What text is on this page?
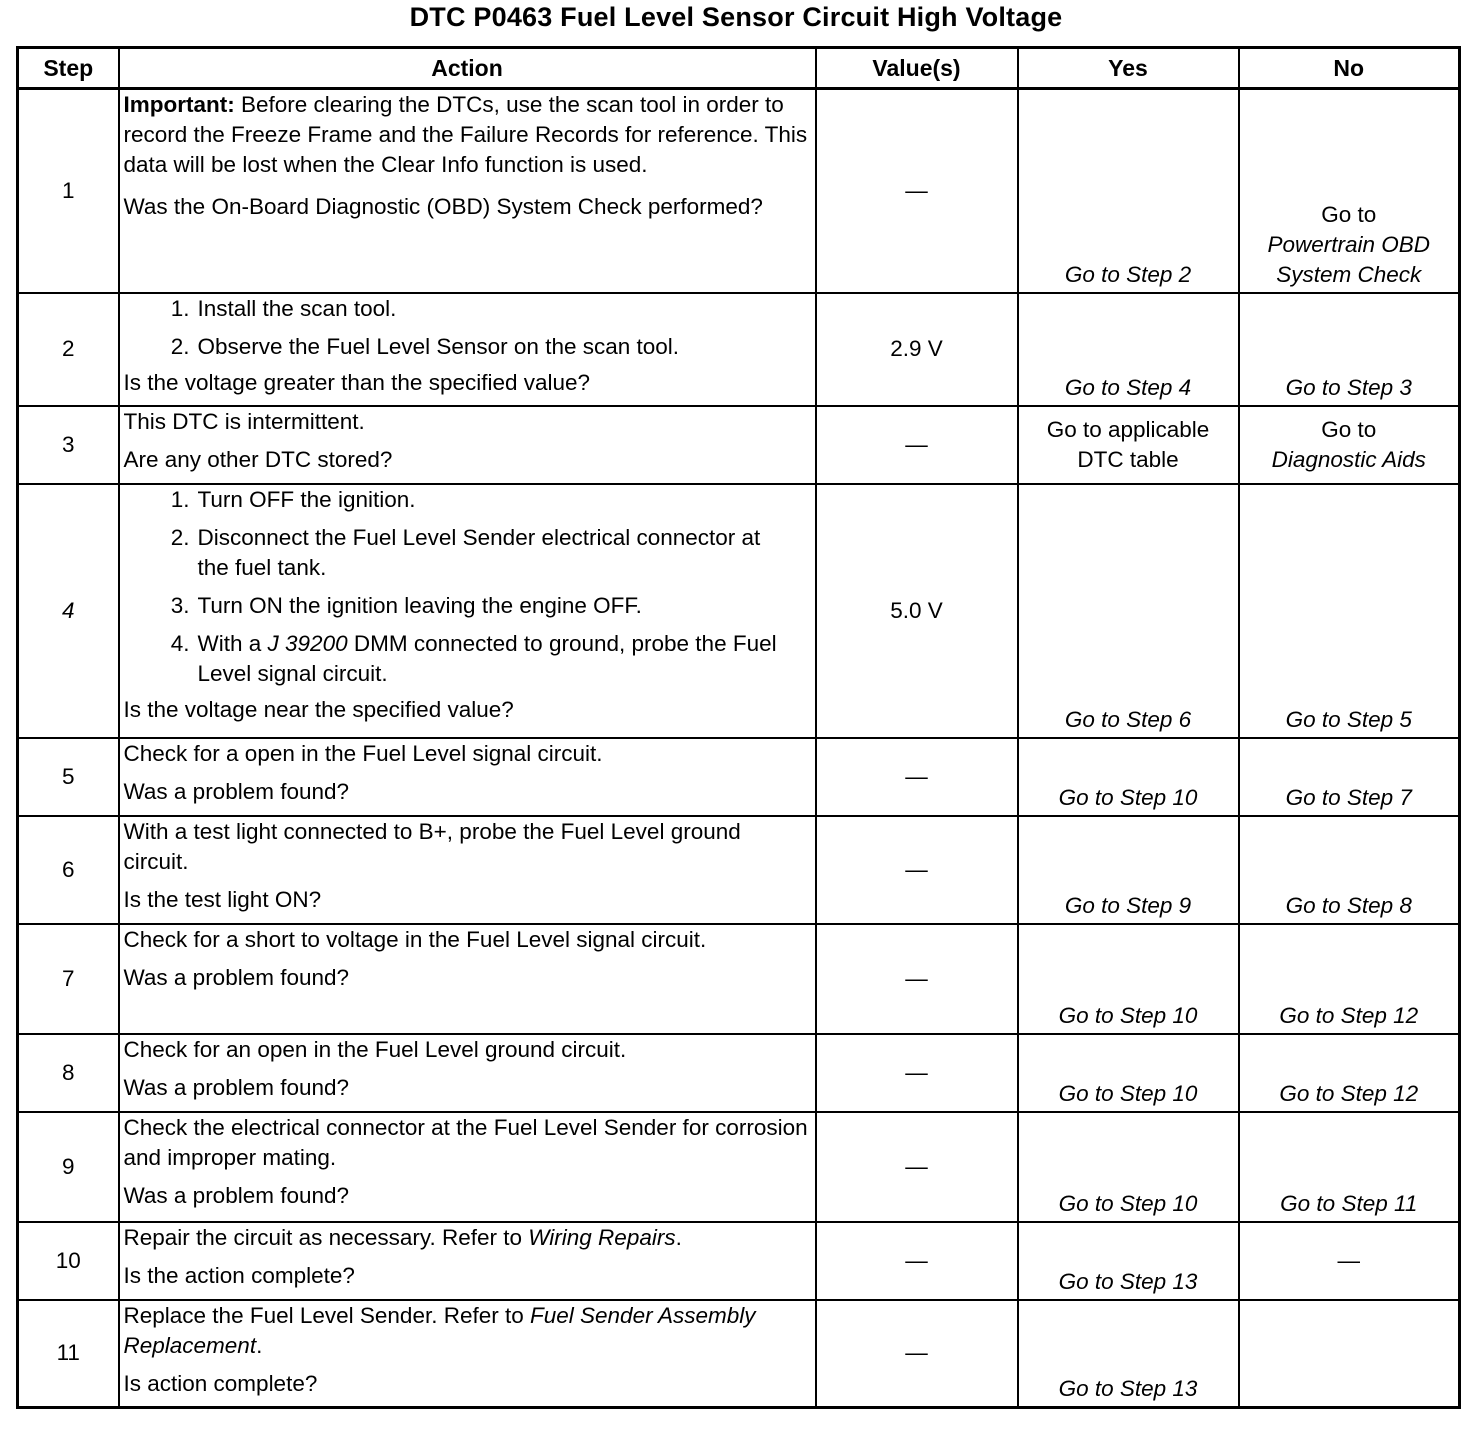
DTC P0463 Fuel Level Sensor Circuit High Voltage
Step	Action	Value(s)	Yes	No
1	Important: Before clearing the DTCs, use the scan tool in order to record the Freeze Frame and the Failure Records for reference. This data will be lost when the Clear Info function is used.
Was the On-Board Diagnostic (OBD) System Check performed?	—	Go to Step 2	Go to
Powertrain OBD System Check

2	1. Install the scan tool.
2. Observe the Fuel Level Sensor on the scan tool.
Is the voltage greater than the specified value?	2.9 V	Go to Step 4	Go to Step 3
3	This DTC is intermittent.
Are any other DTC stored?	—	Go to applicable DTC table	Go to
Diagnostic Aids

4	1. Turn OFF the ignition.
2. Disconnect the Fuel Level Sender electrical connector at the fuel tank.
3. Turn ON the ignition leaving the engine OFF.
4. With a J 39200 DMM connected to ground, probe the Fuel Level signal circuit.
Is the voltage near the specified value?	5.0 V	Go to Step 6	Go to Step 5
5	Check for a open in the Fuel Level signal circuit.
Was a problem found?	—	Go to Step 10	Go to Step 7
6	With a test light connected to B+, probe the Fuel Level ground circuit.
Is the test light ON?	—	Go to Step 9	Go to Step 8
7	Check for a short to voltage in the Fuel Level signal circuit.
Was a problem found?	—	Go to Step 10	Go to Step 12
8	Check for an open in the Fuel Level ground circuit.
Was a problem found?	—	Go to Step 10	Go to Step 12
9	Check the electrical connector at the Fuel Level Sender for corrosion and improper mating.
Was a problem found?	—	Go to Step 10	Go to Step 11
10	Repair the circuit as necessary. Refer to Wiring Repairs.
Is the action complete?	—	Go to Step 13	—
11	Replace the Fuel Level Sender. Refer to Fuel Sender Assembly Replacement.
Is action complete?	—	Go to Step 13	
